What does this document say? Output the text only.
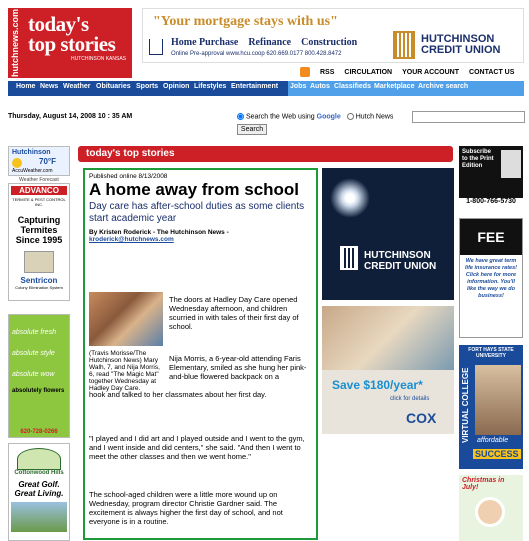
hutchnews.com today's
top stories
HUTCHINSON KANSAS
"Your mortgage stays with us"
Home Purchase Refinance Construction
Online Pre-approval www.hcu.coop 620.669.0177 800.428.8472
HUTCHINSON
CREDIT UNION
RSS CIRCULATION YOUR ACCOUNT CONTACT US
Home News Weather Obituaries Sports Opinion Lifestyles Entertainment Jobs Autos Classifieds Marketplace Archive search
Thursday, August 14, 2008 10 : 35 AM	Search the Web using Google Hutch News
Search
Hutchinson
70°F
AccuWeather.com
Weather Forecast
ADVANCO
TERMITE & PEST CONTROL INC.
Capturing Termites Since 1995
Sentricon
Colony Elimination System
absolute fresh
absolute style
absolute wow
absolutely flowers
620-728-0266
Cottonwood Hills
Great Golf. Great Living.
today's top stories
Published online 8/13/2008
A home away from school
Day care has after-school duties as some clients start academic year
By Kristen Roderick - The Hutchinson News - kroderick@hutchnews.com
(Travis Morisse/The Hutchinson News) Mary Walh, 7, and Nija Morris, 6, read "The Magic Mat" together Wednesday at Hadley Day Care.
The doors at Hadley Day Care opened Wednesday afternoon, and children scurried in with tales of their first day of school.
Nija Morris, a 6-year-old attending Faris Elementary, smiled as she hung her pink-and-blue flowered backpack on a
hook and talked to her classmates about her first day.
"I played and I did art and I played outside and I went to the gym, and I went inside and did centers," she said. "And then I went to meet the other classes and then we went home."
The school-aged children were a little more wound up on Wednesday, program director Christie Gardner said. The excitement is always higher the first day of school, and not everyone is in a routine.
HUTCHINSON
CREDIT UNION
Save $180/year*
click for details
COX
Subscribe to the Print Edition
1-800-766-5730
FEE
We have great term life insurance rates! Click here for more information. You'll like the way we do business!
FORT HAYS STATE UNIVERSITY
VIRTUAL COLLEGE	affordable
SUCCESS
Christmas in July!
